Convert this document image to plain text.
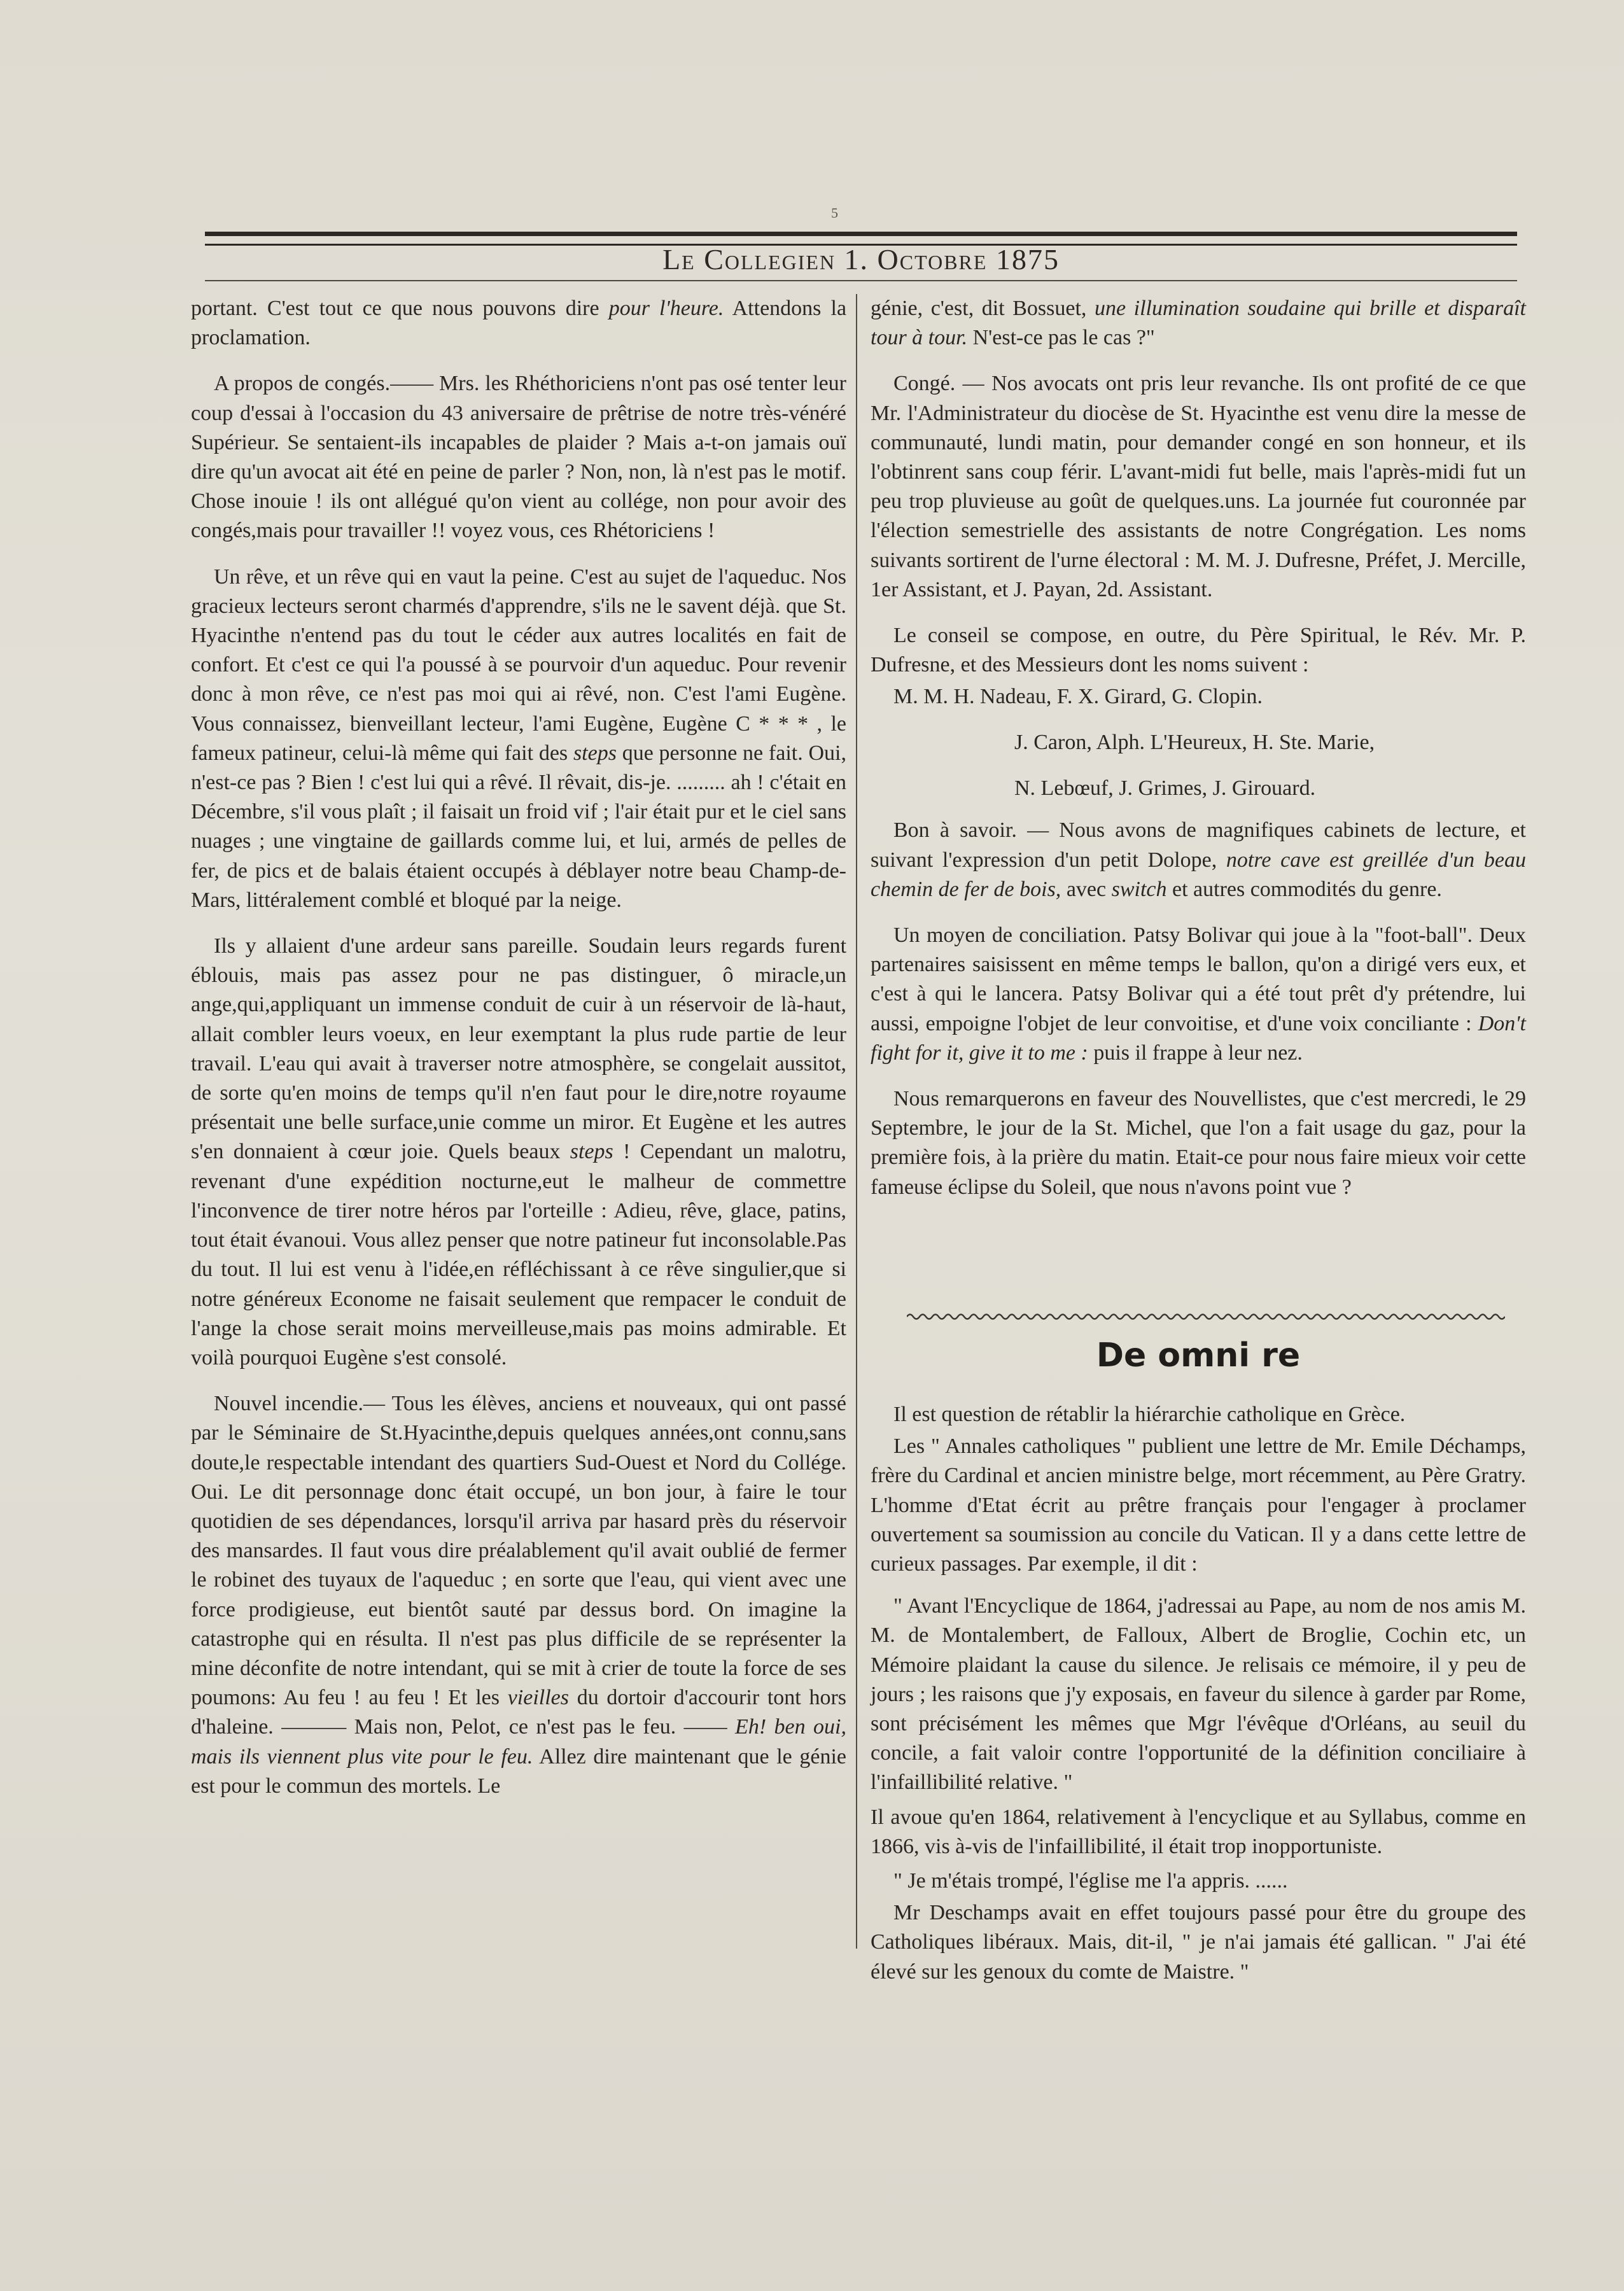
5
Le Collegien 1. Octobre 1875

portant. C'est tout ce que nous pouvons dire pour l'heure. Attendons la proclamation.

A propos de congés.—— Mrs. les Rhéthoriciens n'ont pas osé tenter leur coup d'essai à l'occasion du 43 aniversaire de prêtrise de notre très-vénéré Supérieur. Se sentaient-ils incapables de plaider ? Mais a-t-on jamais ouï dire qu'un avocat ait été en peine de parler ? Non, non, là n'est pas le motif. Chose inouie ! ils ont allégué qu'on vient au collége, non pour avoir des congés,mais pour travailler !! voyez vous, ces Rhétoriciens !

Un rêve, et un rêve qui en vaut la peine. C'est au sujet de l'aqueduc. Nos gracieux lecteurs seront charmés d'apprendre, s'ils ne le savent déjà. que St. Hyacinthe n'entend pas du tout le céder aux autres localités en fait de confort. Et c'est ce qui l'a poussé à se pourvoir d'un aqueduc. Pour revenir donc à mon rêve, ce n'est pas moi qui ai rêvé, non. C'est l'ami Eugène. Vous connaissez, bienveillant lecteur, l'ami Eugène, Eugène C * * * , le fameux patineur, celui-là même qui fait des steps que personne ne fait. Oui, n'est-ce pas ? Bien ! c'est lui qui a rêvé. Il rêvait, dis-je. ......... ah ! c'était en Décembre, s'il vous plaît ; il faisait un froid vif ; l'air était pur et le ciel sans nuages ; une vingtaine de gaillards comme lui, et lui, armés de pelles de fer, de pics et de balais étaient occupés à déblayer notre beau Champ-de-Mars, littéralement comblé et bloqué par la neige.

Ils y allaient d'une ardeur sans pareille. Soudain leurs regards furent éblouis, mais pas assez pour ne pas distinguer, ô miracle,un ange,qui,appliquant un immense conduit de cuir à un réservoir de là-haut, allait combler leurs voeux, en leur exemptant la plus rude partie de leur travail. L'eau qui avait à traverser notre atmosphère, se congelait aussitot, de sorte qu'en moins de temps qu'il n'en faut pour le dire,notre royaume présentait une belle surface,unie comme un miror. Et Eugène et les autres s'en donnaient à cœur joie. Quels beaux steps ! Cependant un malotru, revenant d'une expédition nocturne,eut le malheur de commettre l'inconvence de tirer notre héros par l'orteille : Adieu, rêve, glace, patins, tout était évanoui. Vous allez penser que notre patineur fut inconsolable.Pas du tout. Il lui est venu à l'idée,en réfléchissant à ce rêve singulier,que si notre généreux Econome ne faisait seulement que rempacer le conduit de l'ange la chose serait moins merveilleuse,mais pas moins admirable. Et voilà pourquoi Eugène s'est consolé.

Nouvel incendie.— Tous les élèves, anciens et nouveaux, qui ont passé par le Séminaire de St.Hyacinthe,depuis quelques années,ont connu,sans doute,le respectable intendant des quartiers Sud-Ouest et Nord du Collége. Oui. Le dit personnage donc était occupé, un bon jour, à faire le tour quotidien de ses dépendances, lorsqu'il arriva par hasard près du réservoir des mansardes. Il faut vous dire préalablement qu'il avait oublié de fermer le robinet des tuyaux de l'aqueduc ; en sorte que l'eau, qui vient avec une force prodigieuse, eut bientôt sauté par dessus bord. On imagine la catastrophe qui en résulta. Il n'est pas plus difficile de se représenter la mine déconfite de notre intendant, qui se mit à crier de toute la force de ses poumons: Au feu ! au feu ! Et les vieilles du dortoir d'accourir tont hors d'haleine. ——— Mais non, Pelot, ce n'est pas le feu. —— Eh! ben oui, mais ils viennent plus vite pour le feu. Allez dire maintenant que le génie est pour le commun des mortels. Le

génie, c'est, dit Bossuet, une illumination soudaine qui brille et disparaît tour à tour. N'est-ce pas le cas ?"

Congé. — Nos avocats ont pris leur revanche. Ils ont profité de ce que Mr. l'Administrateur du diocèse de St. Hyacinthe est venu dire la messe de communauté, lundi matin, pour demander congé en son honneur, et ils l'obtinrent sans coup férir. L'avant-midi fut belle, mais l'après-midi fut un peu trop pluvieuse au goût de quelques.uns. La journée fut couronnée par l'élection semestrielle des assistants de notre Congrégation. Les noms suivants sortirent de l'urne électoral : M. M. J. Dufresne, Préfet, J. Mercille, 1er Assistant, et J. Payan, 2d. Assistant.

Le conseil se compose, en outre, du Père Spiritual, le Rév. Mr. P. Dufresne, et des Messieurs dont les noms suivent :

M. M. H. Nadeau, F. X. Girard, G. Clopin.

J. Caron, Alph. L'Heureux, H. Ste. Marie,

N. Lebœuf, J. Grimes, J. Girouard.

Bon à savoir. — Nous avons de magnifiques cabinets de lecture, et suivant l'expression d'un petit Dolope, notre cave est greillée d'un beau chemin de fer de bois, avec switch et autres commodités du genre.

Un moyen de conciliation. Patsy Bolivar qui joue à la "foot-ball". Deux partenaires saisissent en même temps le ballon, qu'on a dirigé vers eux, et c'est à qui le lancera. Patsy Bolivar qui a été tout prêt d'y prétendre, lui aussi, empoigne l'objet de leur convoitise, et d'une voix conciliante : Don't fight for it, give it to me : puis il frappe à leur nez.

Nous remarquerons en faveur des Nouvellistes, que c'est mercredi, le 29 Septembre, le jour de la St. Michel, que l'on a fait usage du gaz, pour la première fois, à la prière du matin. Etait-ce pour nous faire mieux voir cette fameuse éclipse du Soleil, que nous n'avons point vue ?

De omni re

Il est question de rétablir la hiérarchie catholique en Grèce.

Les " Annales catholiques " publient une lettre de Mr. Emile Déchamps, frère du Cardinal et ancien ministre belge, mort récemment, au Père Gratry. L'homme d'Etat écrit au prêtre français pour l'engager à proclamer ouvertement sa soumission au concile du Vatican. Il y a dans cette lettre de curieux passages. Par exemple, il dit :

" Avant l'Encyclique de 1864, j'adressai au Pape, au nom de nos amis M. M. de Montalembert, de Falloux, Albert de Broglie, Cochin etc, un Mémoire plaidant la cause du silence. Je relisais ce mémoire, il y peu de jours ; les raisons que j'y exposais, en faveur du silence à garder par Rome, sont précisément les mêmes que Mgr l'évêque d'Orléans, au seuil du concile, a fait valoir contre l'opportunité de la définition conciliaire à l'infaillibilité relative. "

Il avoue qu'en 1864, relativement à l'encyclique et au Syllabus, comme en 1866, vis à-vis de l'infaillibilité, il était trop inopportuniste.

" Je m'étais trompé, l'église me l'a appris. ......

Mr Deschamps avait en effet toujours passé pour être du groupe des Catholiques libéraux. Mais, dit-il, " je n'ai jamais été gallican. " J'ai été élevé sur les genoux du comte de Maistre. "
